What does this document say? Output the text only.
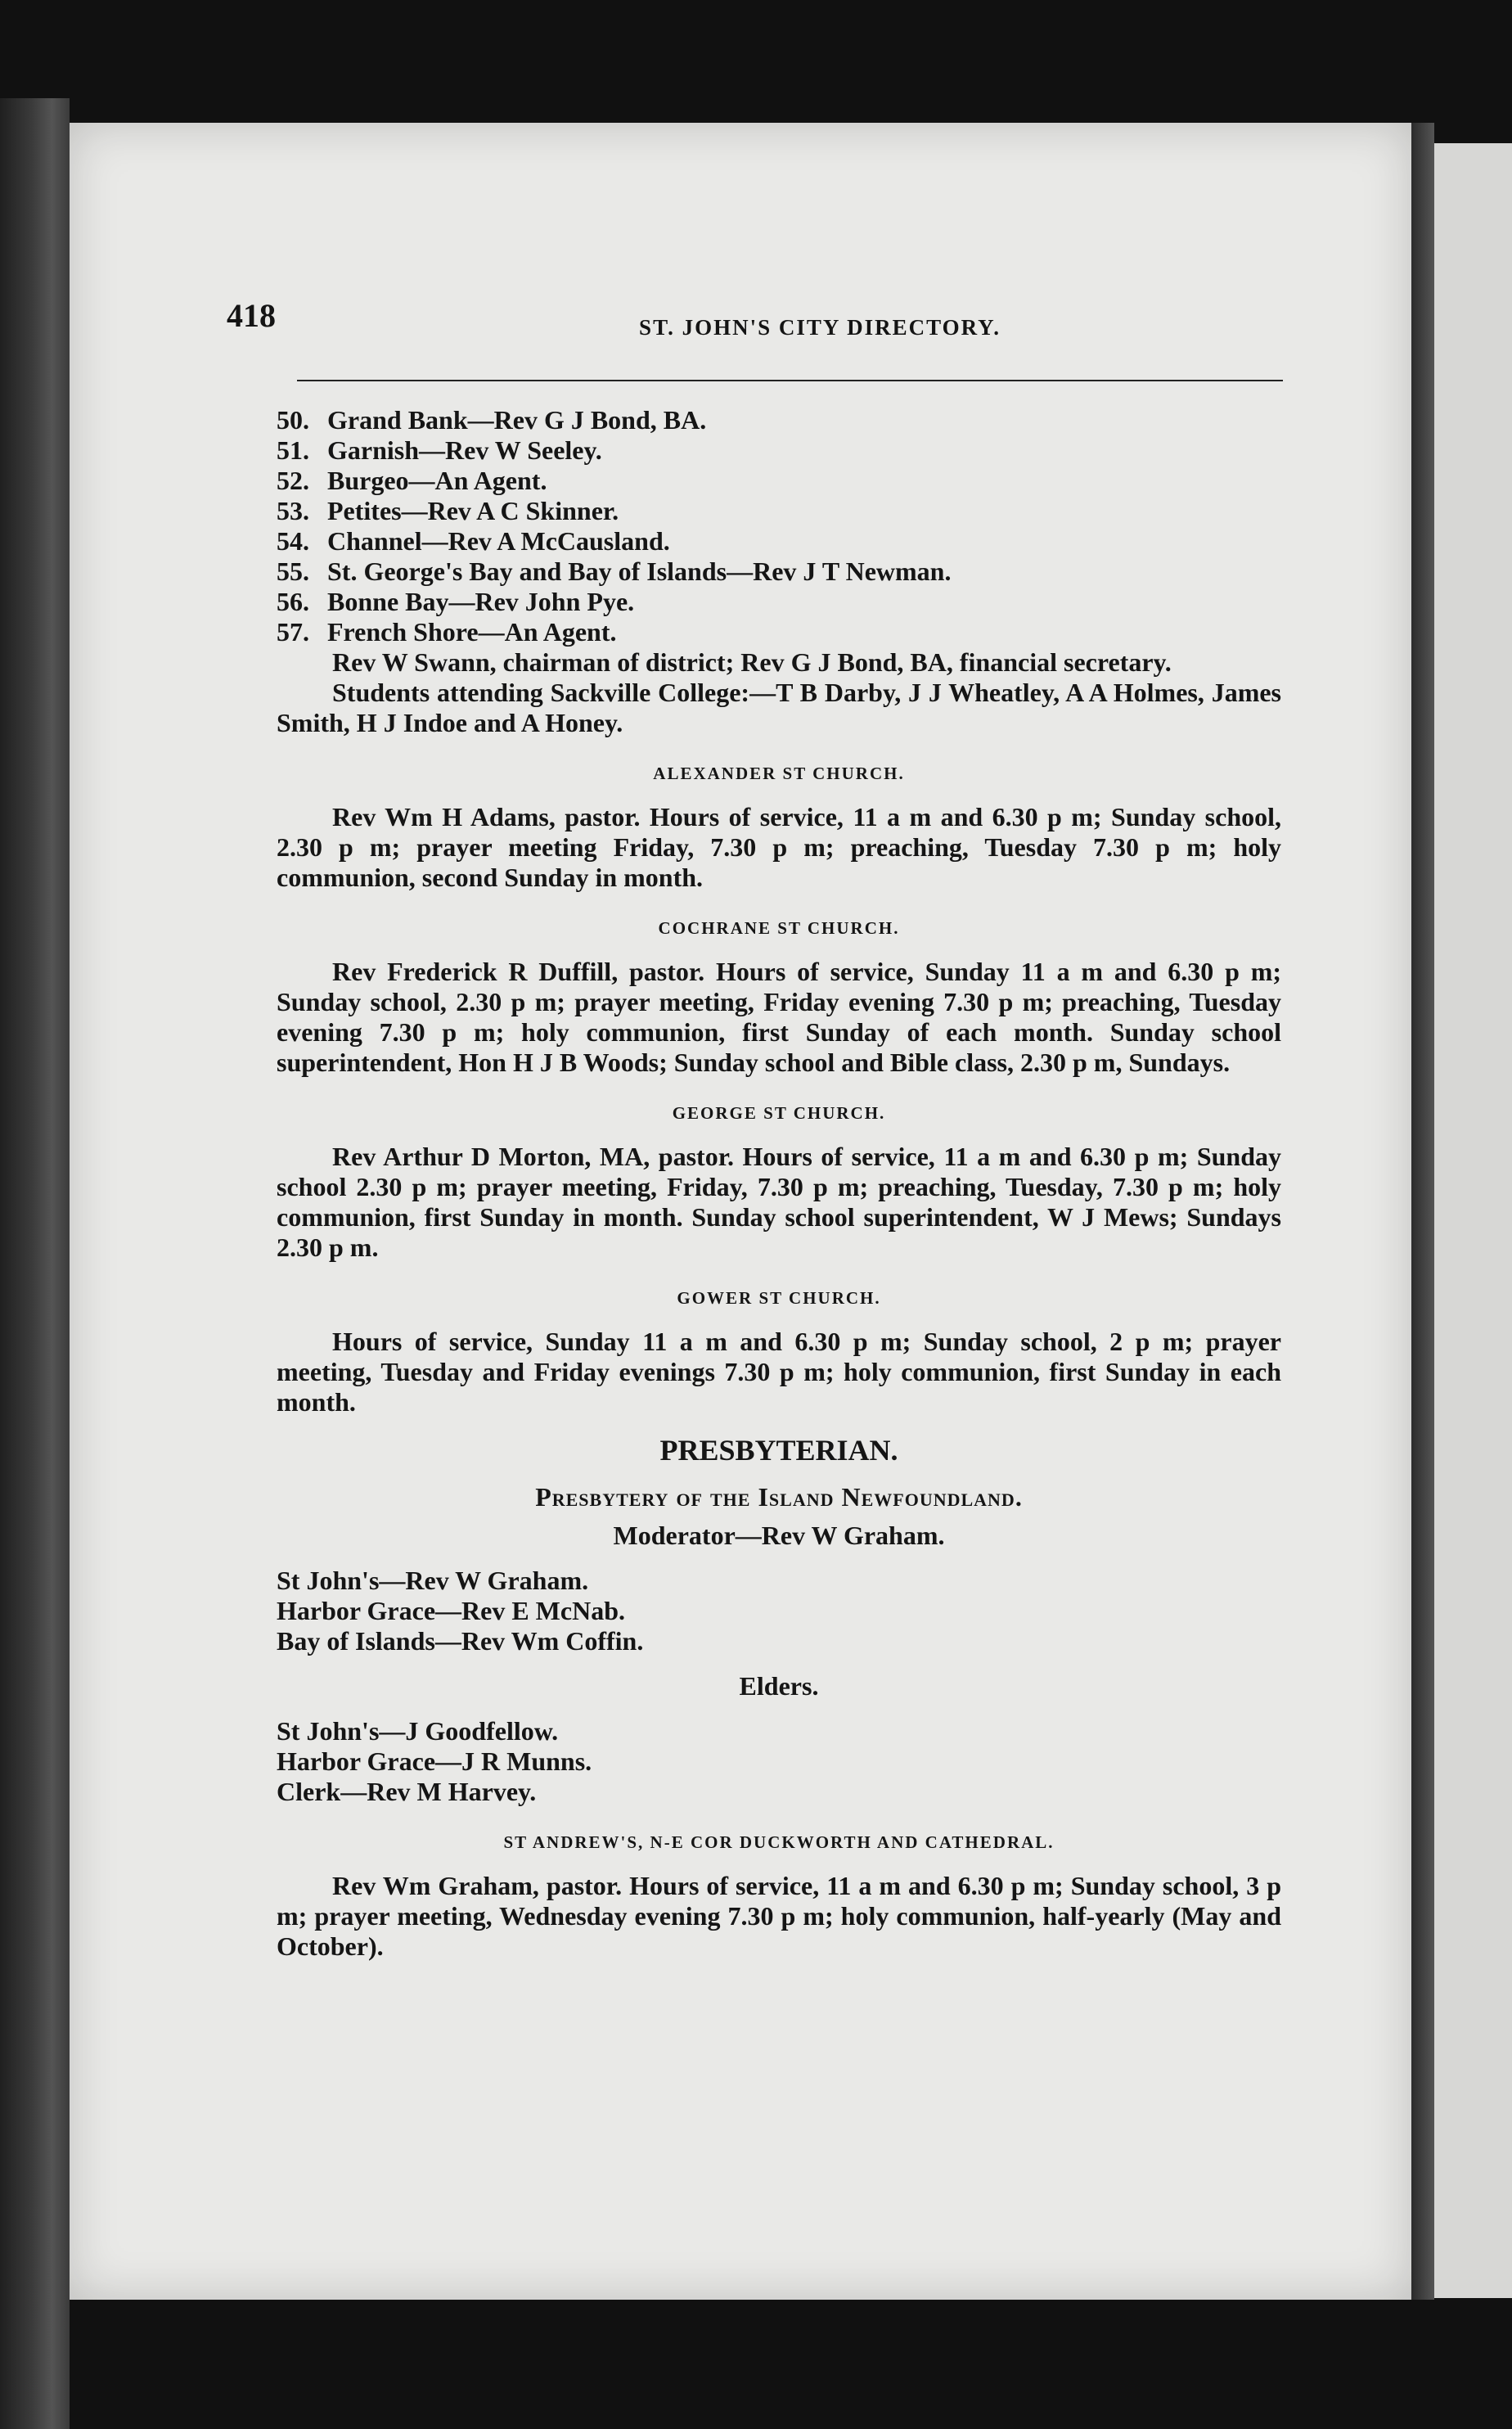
418	ST. JOHN'S CITY DIRECTORY.
50. Grand Bank—Rev G J Bond, BA.
51. Garnish—Rev W Seeley.
52. Burgeo—An Agent.
53. Petites—Rev A C Skinner.
54. Channel—Rev A McCausland.
55. St. George's Bay and Bay of Islands—Rev J T Newman.
56. Bonne Bay—Rev John Pye.
57. French Shore—An Agent.

Rev W Swann, chairman of district; Rev G J Bond, BA, financial secretary.

Students attending Sackville College:—T B Darby, J J Wheatley, A A Holmes, James Smith, H J Indoe and A Honey.

ALEXANDER ST CHURCH.

Rev Wm H Adams, pastor. Hours of service, 11 a m and 6.30 p m; Sunday school, 2.30 p m; prayer meeting Friday, 7.30 p m; preaching, Tuesday 7.30 p m; holy communion, second Sunday in month.

COCHRANE ST CHURCH.

Rev Frederick R Duffill, pastor. Hours of service, Sunday 11 a m and 6.30 p m; Sunday school, 2.30 p m; prayer meeting, Friday evening 7.30 p m; preaching, Tuesday evening 7.30 p m; holy communion, first Sunday of each month. Sunday school superintendent, Hon H J B Woods; Sunday school and Bible class, 2.30 p m, Sundays.

GEORGE ST CHURCH.

Rev Arthur D Morton, MA, pastor. Hours of service, 11 a m and 6.30 p m; Sunday school 2.30 p m; prayer meeting, Friday, 7.30 p m; preaching, Tuesday, 7.30 p m; holy communion, first Sunday in month. Sunday school superintendent, W J Mews; Sundays 2.30 p m.

GOWER ST CHURCH.

Hours of service, Sunday 11 a m and 6.30 p m; Sunday school, 2 p m; prayer meeting, Tuesday and Friday evenings 7.30 p m; holy communion, first Sunday in each month.

PRESBYTERIAN.
Presbytery of the Island Newfoundland.
Moderator—Rev W Graham.
St John's—Rev W Graham.
Harbor Grace—Rev E McNab.
Bay of Islands—Rev Wm Coffin.
Elders.
St John's—J Goodfellow.
Harbor Grace—J R Munns.
Clerk—Rev M Harvey.
ST ANDREW'S, N-E COR DUCKWORTH AND CATHEDRAL.

Rev Wm Graham, pastor. Hours of service, 11 a m and 6.30 p m; Sunday school, 3 p m; prayer meeting, Wednesday evening 7.30 p m; holy communion, half-yearly (May and October).
